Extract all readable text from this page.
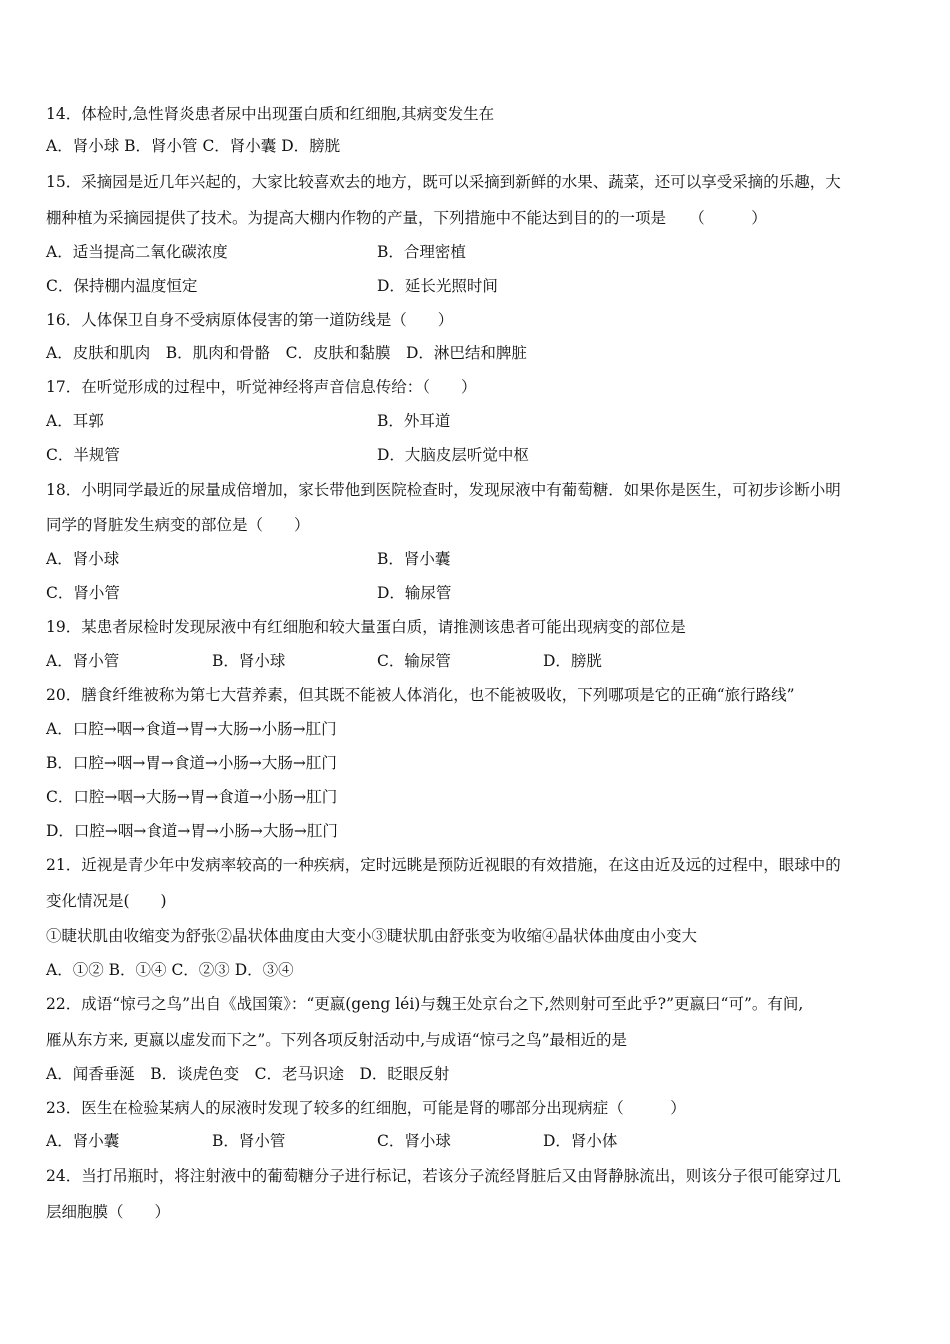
14．体检时,急性肾炎患者尿中出现蛋白质和红细胞,其病变发生在
A．肾小球 B．肾小管 C．肾小囊 D．膀胱
15．采摘园是近几年兴起的，大家比较喜欢去的地方，既可以采摘到新鲜的水果、蔬菜，还可以享受采摘的乐趣，大
棚种植为采摘园提供了技术。为提高大棚内作物的产量，下列措施中不能达到目的的一项是　　（　　　）
A．适当提高二氧化碳浓度	B．合理密植
C．保持棚内温度恒定	D．延长光照时间
16．人体保卫自身不受病原体侵害的第一道防线是（　　）
A．皮肤和肌肉　B．肌肉和骨骼　C．皮肤和黏膜　D．淋巴结和脾脏
17．在听觉形成的过程中，听觉神经将声音信息传给：（　　）
A．耳郭	B．外耳道
C．半规管	D．大脑皮层听觉中枢
18．小明同学最近的尿量成倍增加，家长带他到医院检查时，发现尿液中有葡萄糖．如果你是医生，可初步诊断小明
同学的肾脏发生病变的部位是（　　）
A．肾小球	B．肾小囊
C．肾小管	D．输尿管
19．某患者尿检时发现尿液中有红细胞和较大量蛋白质，请推测该患者可能出现病变的部位是
A．肾小管	B．肾小球	C．输尿管	D．膀胱
20．膳食纤维被称为第七大营养素，但其既不能被人体消化，也不能被吸收，下列哪项是它的正确“旅行路线”
A．口腔→咽→食道→胃→大肠→小肠→肛门
B．口腔→咽→胃→食道→小肠→大肠→肛门
C．口腔→咽→大肠→胃→食道→小肠→肛门
D．口腔→咽→食道→胃→小肠→大肠→肛门
21．近视是青少年中发病率较高的一种疾病，定时远眺是预防近视眼的有效措施，在这由近及远的过程中，眼球中的
变化情况是(　　)
①睫状肌由收缩变为舒张②晶状体曲度由大变小③睫状肌由舒张变为收缩④晶状体曲度由小变大
A．①② B．①④ C．②③ D．③④
22．成语“惊弓之鸟”出自《战国策》：“更嬴(geng léi)与魏王处京台之下,然则射可至此乎?”更嬴曰“可”。有间,
雁从东方来, 更嬴以虚发而下之”。下列各项反射活动中,与成语“惊弓之鸟”最相近的是
A．闻香垂涎　B．谈虎色变　C．老马识途　D．眨眼反射
23．医生在检验某病人的尿液时发现了较多的红细胞，可能是肾的哪部分出现病症（　　　）
A．肾小囊	B．肾小管	C．肾小球	D．肾小体
24．当打吊瓶时，将注射液中的葡萄糖分子进行标记，若该分子流经肾脏后又由肾静脉流出，则该分子很可能穿过几
层细胞膜（　　）
